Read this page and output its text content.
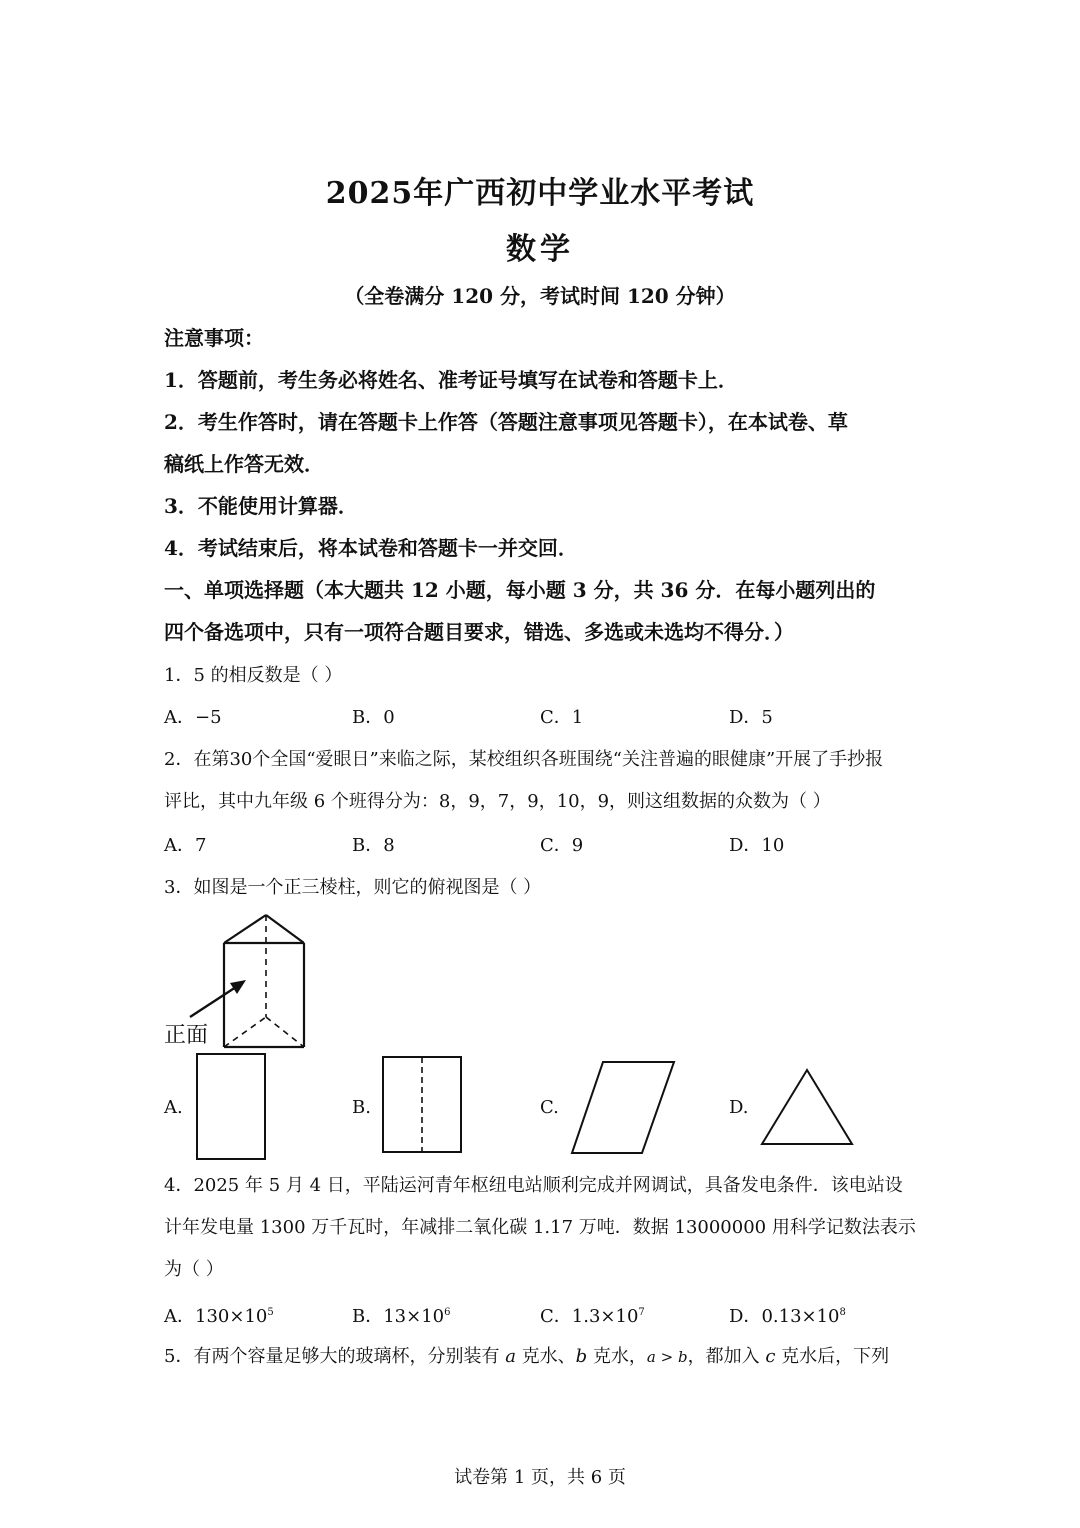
2025年广西初中学业水平考试
数学
（全卷满分 120 分，考试时间 120 分钟）
注意事项：
1．答题前，考生务必将姓名、准考证号填写在试卷和答题卡上．
2．考生作答时，请在答题卡上作答（答题注意事项见答题卡），在本试卷、草
稿纸上作答无效．
3．不能使用计算器．
4．考试结束后，将本试卷和答题卡一并交回．
一、单项选择题（本大题共 12 小题，每小题 3 分，共 36 分．在每小题列出的
四个备选项中，只有一项符合题目要求，错选、多选或未选均不得分．）
1．5 的相反数是（ ）
A．−5	B．0	C．1	D．5
2．在第30个全国“爱眼日”来临之际，某校组织各班围绕“关注普遍的眼健康”开展了手抄报
评比，其中九年级 6 个班得分为：8，9，7，9，10，9，则这组数据的众数为（ ）
A．7	B．8	C．9	D．10
3．如图是一个正三棱柱，则它的俯视图是（ ）
正面
A.	B.	C.	D.
4．2025 年 5 月 4 日，平陆运河青年枢纽电站顺利完成并网调试，具备发电条件．该电站设
计年发电量 1300 万千瓦时，年减排二氧化碳 1.17 万吨．数据 13000000 用科学记数法表示
为（ ）
A．$130\times 10^5$	B．$13\times 10^6$	C．$1.3\times 10^7$	D．$0.13\times 10^8$
5．有两个容量足够大的玻璃杯，分别装有 a 克水、b 克水，a > b，都加入 c 克水后，下列
试卷第 1 页，共 6 页
